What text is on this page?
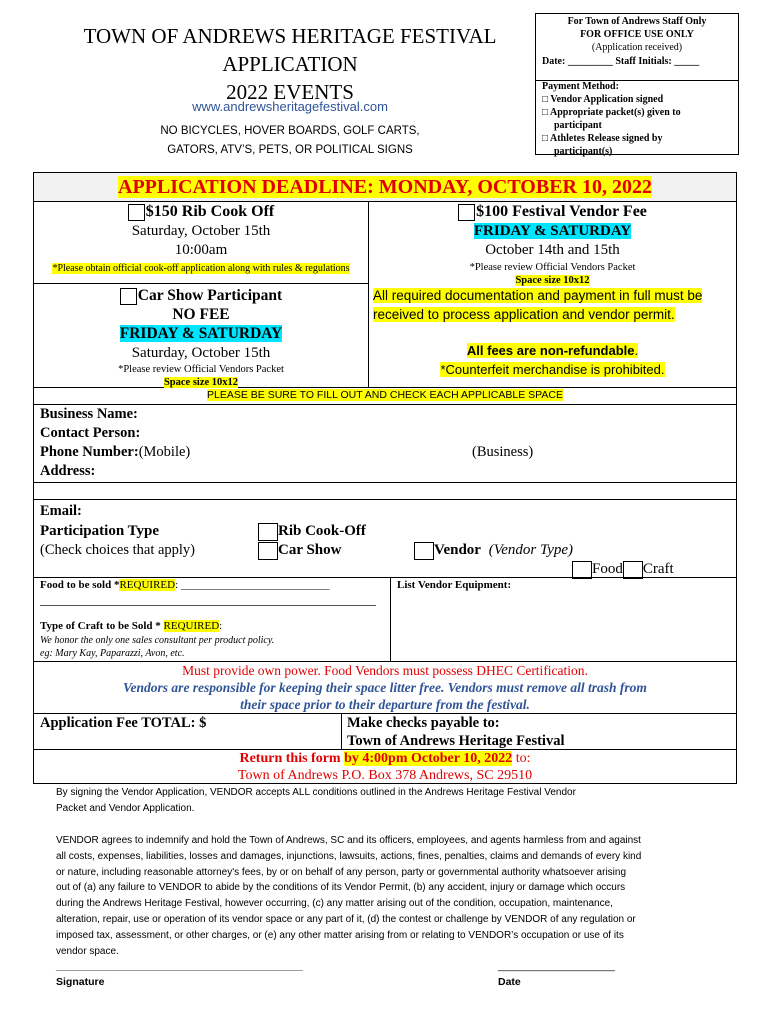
TOWN OF ANDREWS HERITAGE FESTIVAL
APPLICATION
2022 EVENTS
www.andrewsheritagefestival.com
NO BICYCLES, HOVER BOARDS, GOLF CARTS,
GATORS, ATV’S, PETS, OR POLITICAL SIGNS
For Town of Andrews Staff Only
FOR OFFICE USE ONLY
(Application received)
Date: _________ Staff Initials: _____
Payment Method:
□ Vendor Application signed
□ Appropriate packet(s) given to
participant
□ Athletes Release signed by
participant(s)
APPLICATION DEADLINE: MONDAY, OCTOBER 10, 2022
$150 Rib Cook Off
Saturday, October 15th
10:00am
*Please obtain official cook-off application along with rules & regulations
$100 Festival Vendor Fee
FRIDAY & SATURDAY
October 14th and 15th
*Please review Official Vendors Packet
Space size 10x12
Car Show Participant
NO FEE
FRIDAY & SATURDAY
Saturday, October 15th
*Please review Official Vendors Packet
Space size 10x12
All required documentation and payment in full must be
received to process application and vendor permit.
All fees are non-refundable.
*Counterfeit merchandise is prohibited.
PLEASE BE SURE TO FILL OUT AND CHECK EACH APPLICABLE SPACE
Business Name:
Contact Person:
Phone Number:(Mobile)	(Business)
Address:
Email:
Participation Type
(Check choices that apply)
Rib Cook-Off
Car Show	Vendor (Vendor Type)
Food Craft
Food to be sold *REQUIRED: ___________________________	List Vendor Equipment:
Type of Craft to be Sold * REQUIRED:
We honor the only one sales consultant per product policy.
eg: Mary Kay, Paparazzi, Avon, etc.
Must provide own power. Food Vendors must possess DHEC Certification.
Vendors are responsible for keeping their space litter free. Vendors must remove all trash from
their space prior to their departure from the festival.
Application Fee TOTAL: $	Make checks payable to:
Town of Andrews Heritage Festival
Return this form by 4:00pm October 10, 2022 to:
Town of Andrews P.O. Box 378 Andrews, SC 29510
By signing the Vendor Application, VENDOR accepts ALL conditions outlined in the Andrews Heritage Festival Vendor
Packet and Vendor Application.
VENDOR agrees to indemnify and hold the Town of Andrews, SC and its officers, employees, and agents harmless from and against
all costs, expenses, liabilities, losses and damages, injunctions, lawsuits, actions, fines, penalties, claims and demands of every kind
or nature, including reasonable attorney's fees, by or on behalf of any person, party or governmental authority whatsoever arising
out of (a) any failure to VENDOR to abide by the conditions of its Vendor Permit, (b) any accident, injury or damage which occurs
during the Andrews Heritage Festival, however occurring, (c) any matter arising out of the condition, occupation, maintenance,
alteration, repair, use or operation of its vendor space or any part of it, (d) the contest or challenge by VENDOR of any regulation or
imposed tax, assessment, or other charges, or (e) any other matter arising from or relating to VENDOR’s occupation or use of its
vendor space.
______________________________________________
Signature
_____________________
Date
